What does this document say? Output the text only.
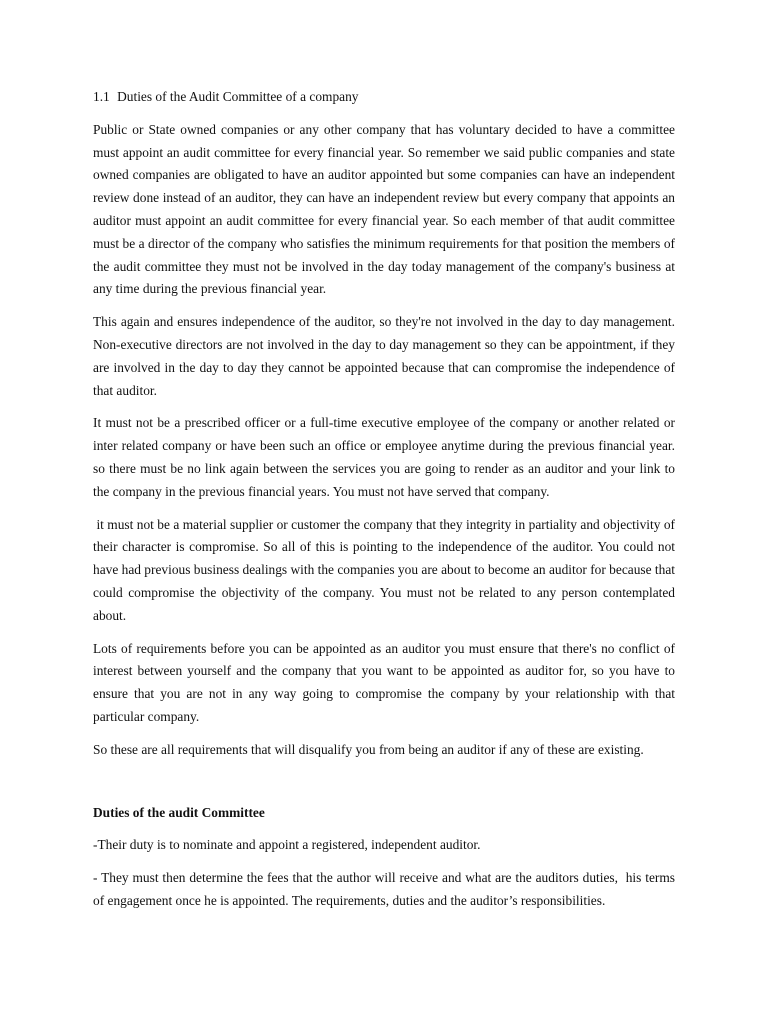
1.1 Duties of the Audit Committee of a company

Public or State owned companies or any other company that has voluntary decided to have a committee must appoint an audit committee for every financial year. So remember we said public companies and state owned companies are obligated to have an auditor appointed but some companies can have an independent review done instead of an auditor, they can have an independent review but every company that appoints an auditor must appoint an audit committee for every financial year. So each member of that audit committee must be a director of the company who satisfies the minimum requirements for that position the members of the audit committee they must not be involved in the day today management of the company's business at any time during the previous financial year.

This again and ensures independence of the auditor, so they're not involved in the day to day management. Non-executive directors are not involved in the day to day management so they can be appointment, if they are involved in the day to day they cannot be appointed because that can compromise the independence of that auditor.

It must not be a prescribed officer or a full-time executive employee of the company or another related or inter related company or have been such an office or employee anytime during the previous financial year. so there must be no link again between the services you are going to render as an auditor and your link to the company in the previous financial years. You must not have served that company.

it must not be a material supplier or customer the company that they integrity in partiality and objectivity of their character is compromise. So all of this is pointing to the independence of the auditor. You could not have had previous business dealings with the companies you are about to become an auditor for because that could compromise the objectivity of the company. You must not be related to any person contemplated about.

Lots of requirements before you can be appointed as an auditor you must ensure that there's no conflict of interest between yourself and the company that you want to be appointed as auditor for, so you have to ensure that you are not in any way going to compromise the company by your relationship with that particular company.

So these are all requirements that will disqualify you from being an auditor if any of these are existing.

Duties of the audit Committee

-Their duty is to nominate and appoint a registered, independent auditor.

- They must then determine the fees that the author will receive and what are the auditors duties,  his terms of engagement once he is appointed. The requirements, duties and the auditor’s responsibilities.
